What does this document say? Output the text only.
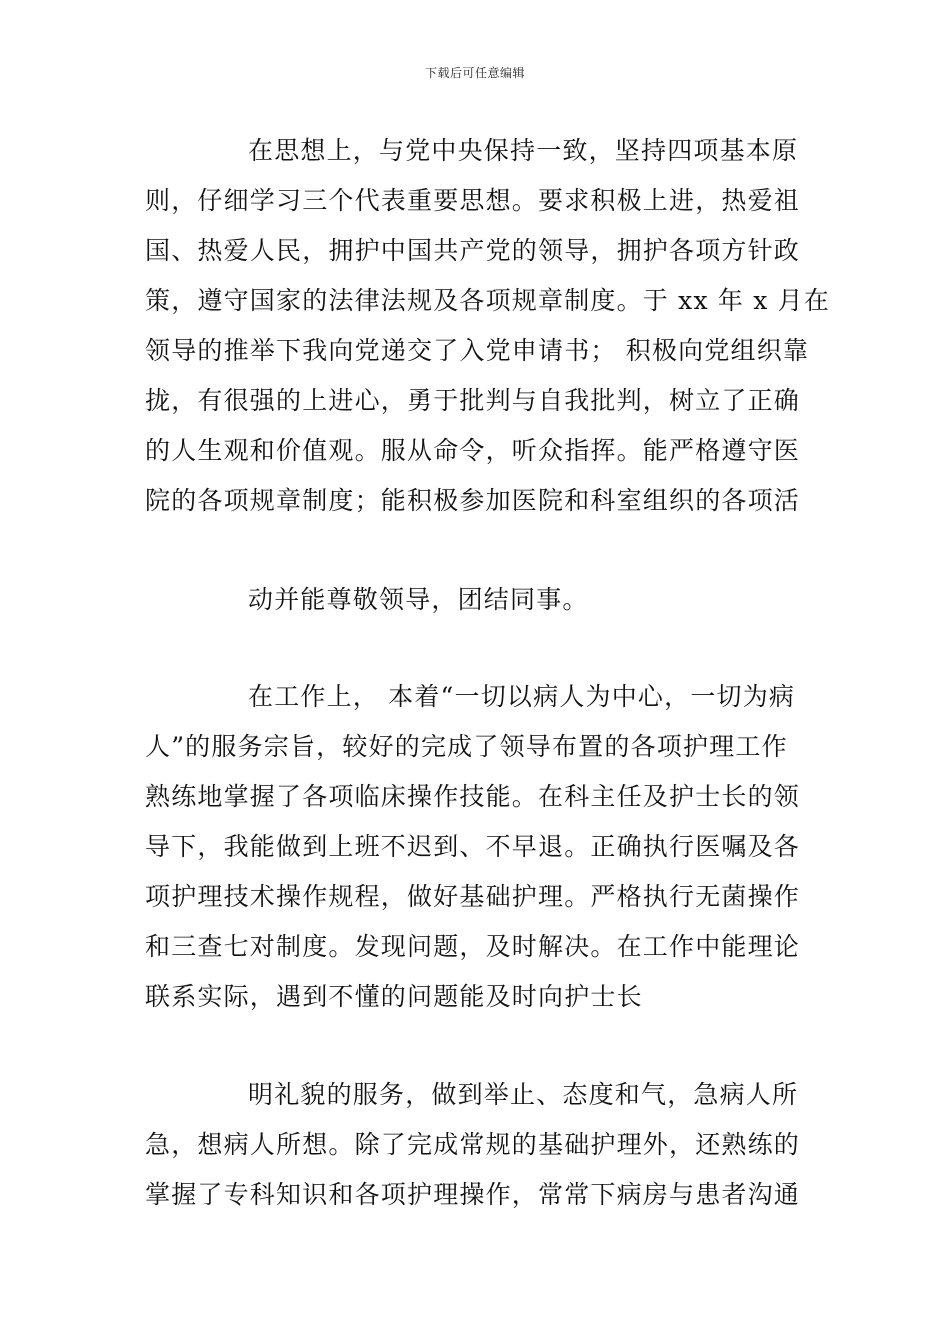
下载后可任意编辑
在思想上，与党中央保持一致，坚持四项基本原
则，仔细学习三个代表重要思想。要求积极上进，热爱祖
国、热爱人民，拥护中国共产党的领导，拥护各项方针政
策，遵守国家的法律法规及各项规章制度。于 xx 年 x 月在
领导的推举下我向党递交了入党申请书； 积极向党组织靠
拢，有很强的上进心，勇于批判与自我批判，树立了正确
的人生观和价值观。服从命令，听众指挥。能严格遵守医
院的各项规章制度；能积极参加医院和科室组织的各项活
动并能尊敬领导，团结同事。
在工作上， 本着“一切以病人为中心，一切为病
人”的服务宗旨，较好的完成了领导布置的各项护理工作
熟练地掌握了各项临床操作技能。在科主任及护士长的领
导下，我能做到上班不迟到、不早退。正确执行医嘱及各
项护理技术操作规程，做好基础护理。严格执行无菌操作
和三查七对制度。发现问题，及时解决。在工作中能理论
联系实际，遇到不懂的问题能及时向护士长
明礼貌的服务，做到举止、态度和气，急病人所
急，想病人所想。除了完成常规的基础护理外，还熟练的
掌握了专科知识和各项护理操作，常常下病房与患者沟通
